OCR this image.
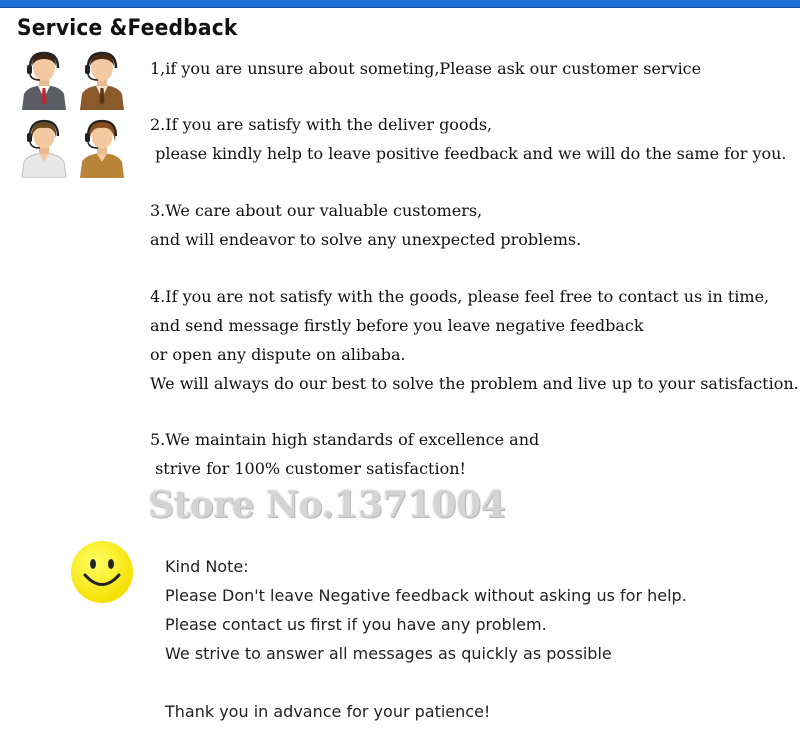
Service &Feedback
1,if you are unsure about someting,Please ask our customer service
2.If you are satisfy with the deliver goods,
please kindly help to leave positive feedback and we will do the same for you.
3.We care about our valuable customers,
and will endeavor to solve any unexpected problems.
4.If you are not satisfy with the goods, please feel free to contact us in time,
and send message firstly before you leave negative feedback
or open any dispute on alibaba.
We will always do our best to solve the problem and live up to your satisfaction.
5.We maintain high standards of excellence and
strive for 100% customer satisfaction!
Store No.1371004
Kind Note:
Please Don't leave Negative feedback without asking us for help.
Please contact us first if you have any problem.
We strive to answer all messages as quickly as possible
Thank you in advance for your patience!
